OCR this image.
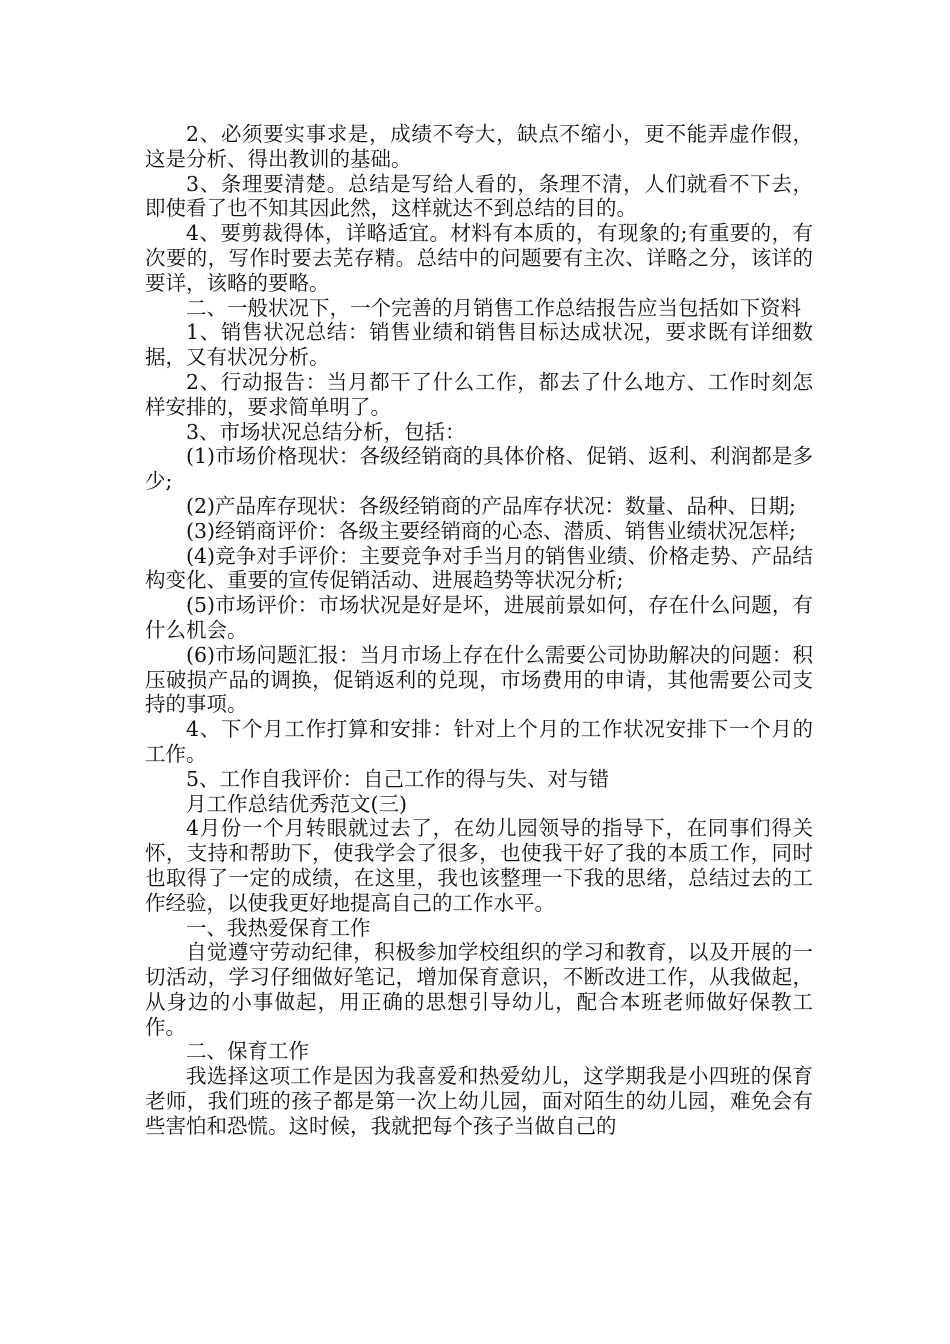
2、必须要实事求是，成绩不夸大，缺点不缩小，更不能弄虚作假，这是分析、得出教训的基础。

3、条理要清楚。总结是写给人看的，条理不清，人们就看不下去，即使看了也不知其因此然，这样就达不到总结的目的。

4、要剪裁得体，详略适宜。材料有本质的，有现象的;有重要的，有次要的，写作时要去芜存精。总结中的问题要有主次、详略之分，该详的要详，该略的要略。

二、一般状况下，一个完善的月销售工作总结报告应当包括如下资料

1、销售状况总结：销售业绩和销售目标达成状况，要求既有详细数据，又有状况分析。

2、行动报告：当月都干了什么工作，都去了什么地方、工作时刻怎样安排的，要求简单明了。

3、市场状况总结分析，包括：

(1)市场价格现状：各级经销商的具体价格、促销、返利、利润都是多少;

(2)产品库存现状：各级经销商的产品库存状况：数量、品种、日期;

(3)经销商评价：各级主要经销商的心态、潜质、销售业绩状况怎样;

(4)竞争对手评价：主要竞争对手当月的销售业绩、价格走势、产品结构变化、重要的宣传促销活动、进展趋势等状况分析;

(5)市场评价：市场状况是好是坏，进展前景如何，存在什么问题，有什么机会。

(6)市场问题汇报：当月市场上存在什么需要公司协助解决的问题：积压破损产品的调换，促销返利的兑现，市场费用的申请，其他需要公司支持的事项。

4、下个月工作打算和安排：针对上个月的工作状况安排下一个月的工作。

5、工作自我评价：自己工作的得与失、对与错

月工作总结优秀范文(三)

4月份一个月转眼就过去了，在幼儿园领导的指导下，在同事们得关怀，支持和帮助下，使我学会了很多，也使我干好了我的本质工作，同时也取得了一定的成绩，在这里，我也该整理一下我的思绪，总结过去的工作经验，以使我更好地提高自己的工作水平。

一、我热爱保育工作

自觉遵守劳动纪律，积极参加学校组织的学习和教育，以及开展的一切活动，学习仔细做好笔记，增加保育意识，不断改进工作，从我做起，从身边的小事做起，用正确的思想引导幼儿，配合本班老师做好保教工作。

二、保育工作

我选择这项工作是因为我喜爱和热爱幼儿，这学期我是小四班的保育老师，我们班的孩子都是第一次上幼儿园，面对陌生的幼儿园，难免会有些害怕和恐慌。这时候，我就把每个孩子当做自己的
